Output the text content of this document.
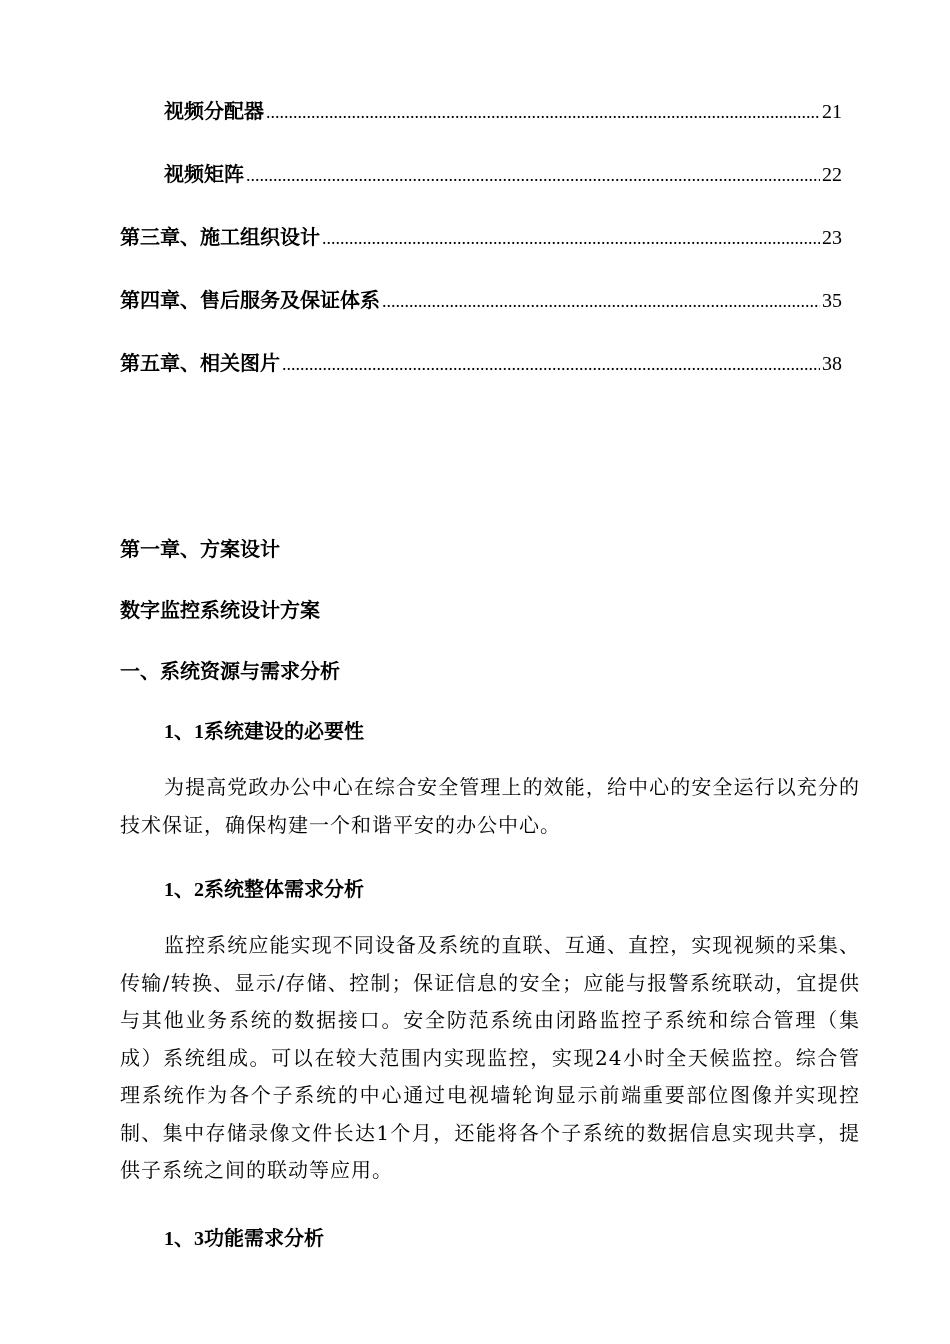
视频分配器 .....	21
视频矩阵 .....	22
第三章、施工组织设计 .....	23
第四章、售后服务及保证体系 .....	35
第五章、相关图片 .....	38
第一章、方案设计
数字监控系统设计方案
一、系统资源与需求分析
1、1系统建设的必要性
为提高党政办公中心在综合安全管理上的效能，给中心的安全运行以充分的技术保证，确保构建一个和谐平安的办公中心。
1、2系统整体需求分析
监控系统应能实现不同设备及系统的直联、互通、直控，实现视频的采集、传输/转换、显示/存储、控制；保证信息的安全；应能与报警系统联动，宜提供与其他业务系统的数据接口。安全防范系统由闭路监控子系统和综合管理（集成）系统组成。可以在较大范围内实现监控，实现24小时全天候监控。综合管理系统作为各个子系统的中心通过电视墙轮询显示前端重要部位图像并实现控制、集中存储录像文件长达1个月，还能将各个子系统的数据信息实现共享，提供子系统之间的联动等应用。
1、3功能需求分析
